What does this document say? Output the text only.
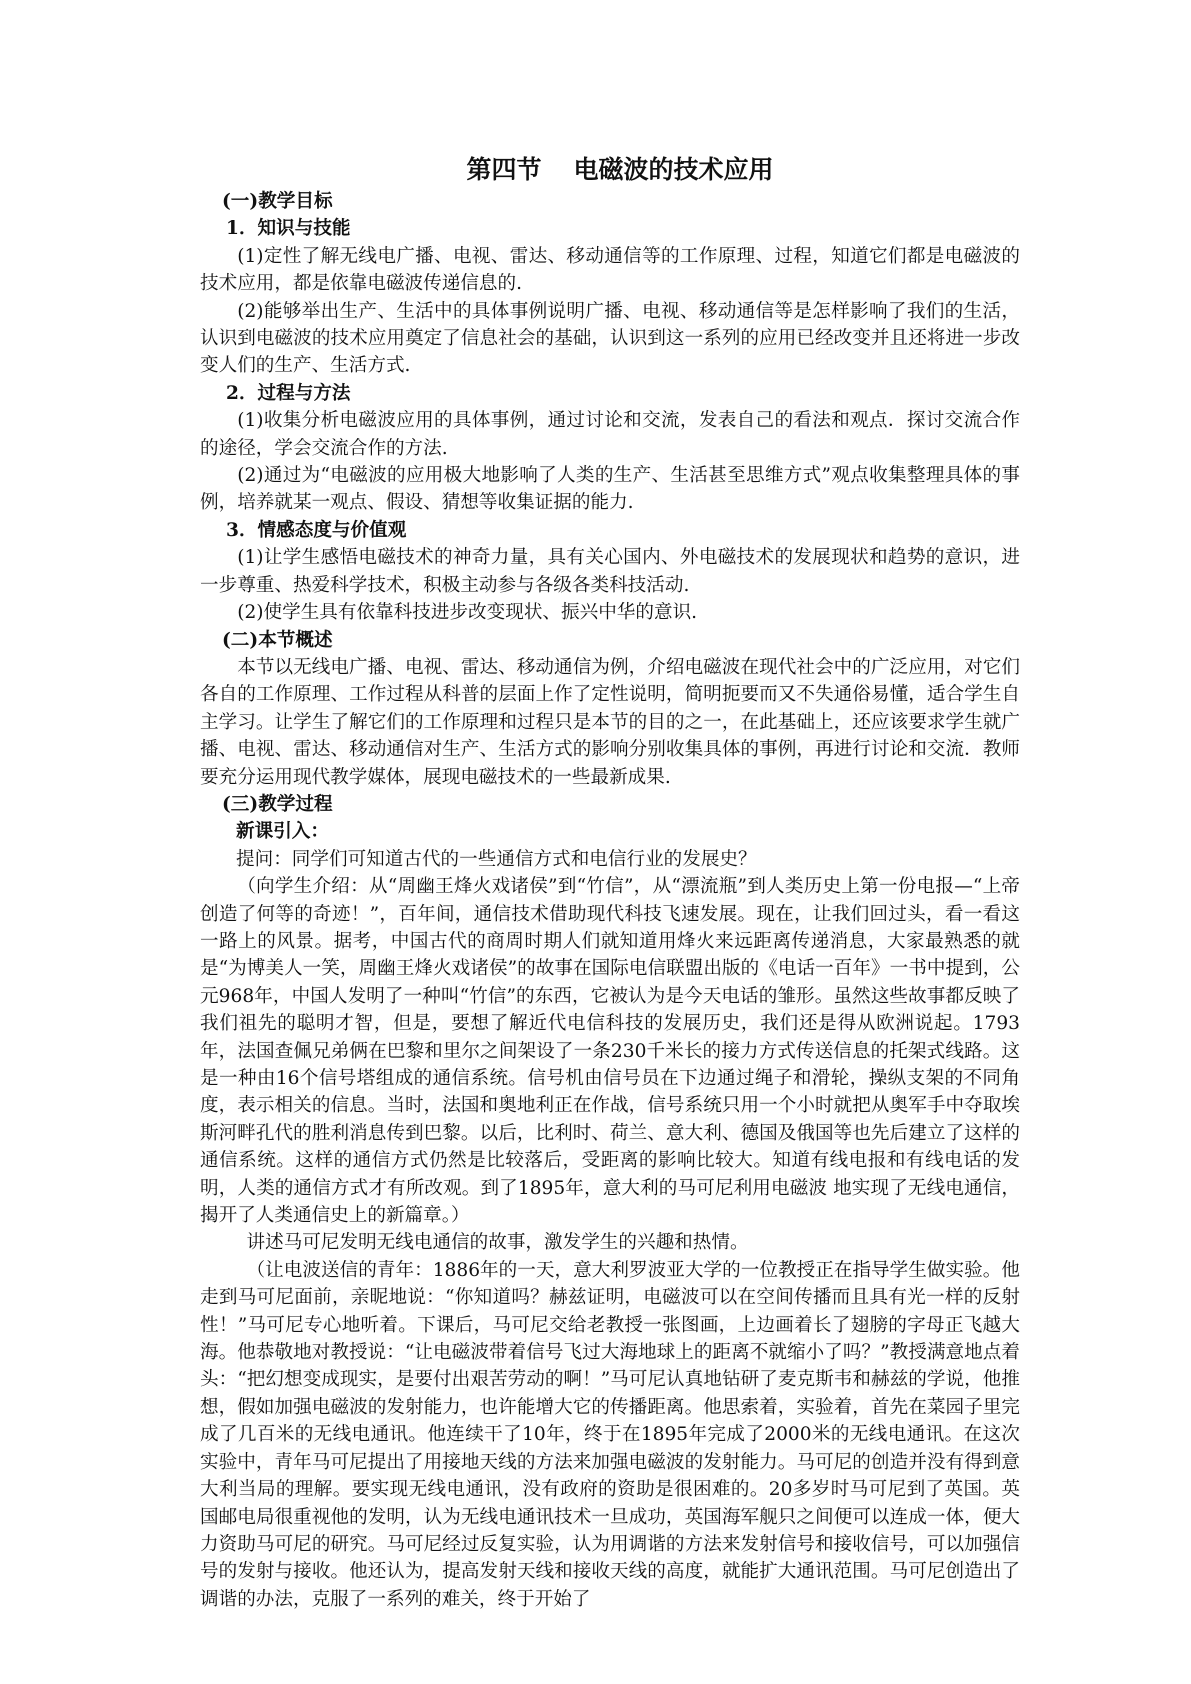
第四节 电磁波的技术应用

(一)教学目标

1．知识与技能

(1)定性了解无线电广播、电视、雷达、移动通信等的工作原理、过程，知道它们都是电磁波的技术应用，都是依靠电磁波传递信息的.

(2)能够举出生产、生活中的具体事例说明广播、电视、移动通信等是怎样影响了我们的生活，认识到电磁波的技术应用奠定了信息社会的基础，认识到这一系列的应用已经改变并且还将进一步改变人们的生产、生活方式.

2．过程与方法

(1)收集分析电磁波应用的具体事例，通过讨论和交流，发表自己的看法和观点．探讨交流合作的途径，学会交流合作的方法.

(2)通过为“电磁波的应用极大地影响了人类的生产、生活甚至思维方式”观点收集整理具体的事例，培养就某一观点、假设、猜想等收集证据的能力.

3．情感态度与价值观

(1)让学生感悟电磁技术的神奇力量，具有关心国内、外电磁技术的发展现状和趋势的意识，进一步尊重、热爱科学技术，积极主动参与各级各类科技活动.

(2)使学生具有依靠科技进步改变现状、振兴中华的意识.

(二)本节概述

本节以无线电广播、电视、雷达、移动通信为例，介绍电磁波在现代社会中的广泛应用，对它们各自的工作原理、工作过程从科普的层面上作了定性说明，简明扼要而又不失通俗易懂，适合学生自主学习。让学生了解它们的工作原理和过程只是本节的目的之一，在此基础上，还应该要求学生就广播、电视、雷达、移动通信对生产、生活方式的影响分别收集具体的事例，再进行讨论和交流．教师要充分运用现代教学媒体，展现电磁技术的一些最新成果.

(三)教学过程

新课引入：

提问：同学们可知道古代的一些通信方式和电信行业的发展史？

（向学生介绍：从“周幽王烽火戏诸侯”到“竹信”，从“漂流瓶”到人类历史上第一份电报—“上帝创造了何等的奇迹！”，百年间，通信技术借助现代科技飞速发展。现在，让我们回过头，看一看这一路上的风景。据考，中国古代的商周时期人们就知道用烽火来远距离传递消息，大家最熟悉的就是“为博美人一笑，周幽王烽火戏诸侯”的故事在国际电信联盟出版的《电话一百年》一书中提到，公元968年，中国人发明了一种叫“竹信”的东西，它被认为是今天电话的雏形。虽然这些故事都反映了我们祖先的聪明才智，但是，要想了解近代电信科技的发展历史，我们还是得从欧洲说起。1793年，法国查佩兄弟俩在巴黎和里尔之间架设了一条230千米长的接力方式传送信息的托架式线路。这是一种由16个信号塔组成的通信系统。信号机由信号员在下边通过绳子和滑轮，操纵支架的不同角度，表示相关的信息。当时，法国和奥地利正在作战，信号系统只用一个小时就把从奥军手中夺取埃斯河畔孔代的胜利消息传到巴黎。以后，比利时、荷兰、意大利、德国及俄国等也先后建立了这样的通信系统。这样的通信方式仍然是比较落后，受距离的影响比较大。知道有线电报和有线电话的发明，人类的通信方式才有所改观。到了1895年，意大利的马可尼利用电磁波 地实现了无线电通信，揭开了人类通信史上的新篇章。）

讲述马可尼发明无线电通信的故事，激发学生的兴趣和热情。

（让电波送信的青年：1886年的一天，意大利罗波亚大学的一位教授正在指导学生做实验。他走到马可尼面前，亲昵地说：“你知道吗？赫兹证明，电磁波可以在空间传播而且具有光一样的反射性！”马可尼专心地听着。下课后，马可尼交给老教授一张图画，上边画着长了翅膀的字母正飞越大海。他恭敬地对教授说：“让电磁波带着信号飞过大海地球上的距离不就缩小了吗？”教授满意地点着头：“把幻想变成现实，是要付出艰苦劳动的啊！”马可尼认真地钻研了麦克斯韦和赫兹的学说，他推想，假如加强电磁波的发射能力，也许能增大它的传播距离。他思索着，实验着，首先在菜园子里完成了几百米的无线电通讯。他连续干了10年，终于在1895年完成了2000米的无线电通讯。在这次实验中，青年马可尼提出了用接地天线的方法来加强电磁波的发射能力。马可尼的创造并没有得到意大利当局的理解。要实现无线电通讯，没有政府的资助是很困难的。20多岁时马可尼到了英国。英国邮电局很重视他的发明，认为无线电通讯技术一旦成功，英国海军舰只之间便可以连成一体，便大力资助马可尼的研究。马可尼经过反复实验，认为用调谐的方法来发射信号和接收信号，可以加强信号的发射与接收。他还认为，提高发射天线和接收天线的高度，就能扩大通讯范围。马可尼创造出了调谐的办法，克服了一系列的难关，终于开始了
